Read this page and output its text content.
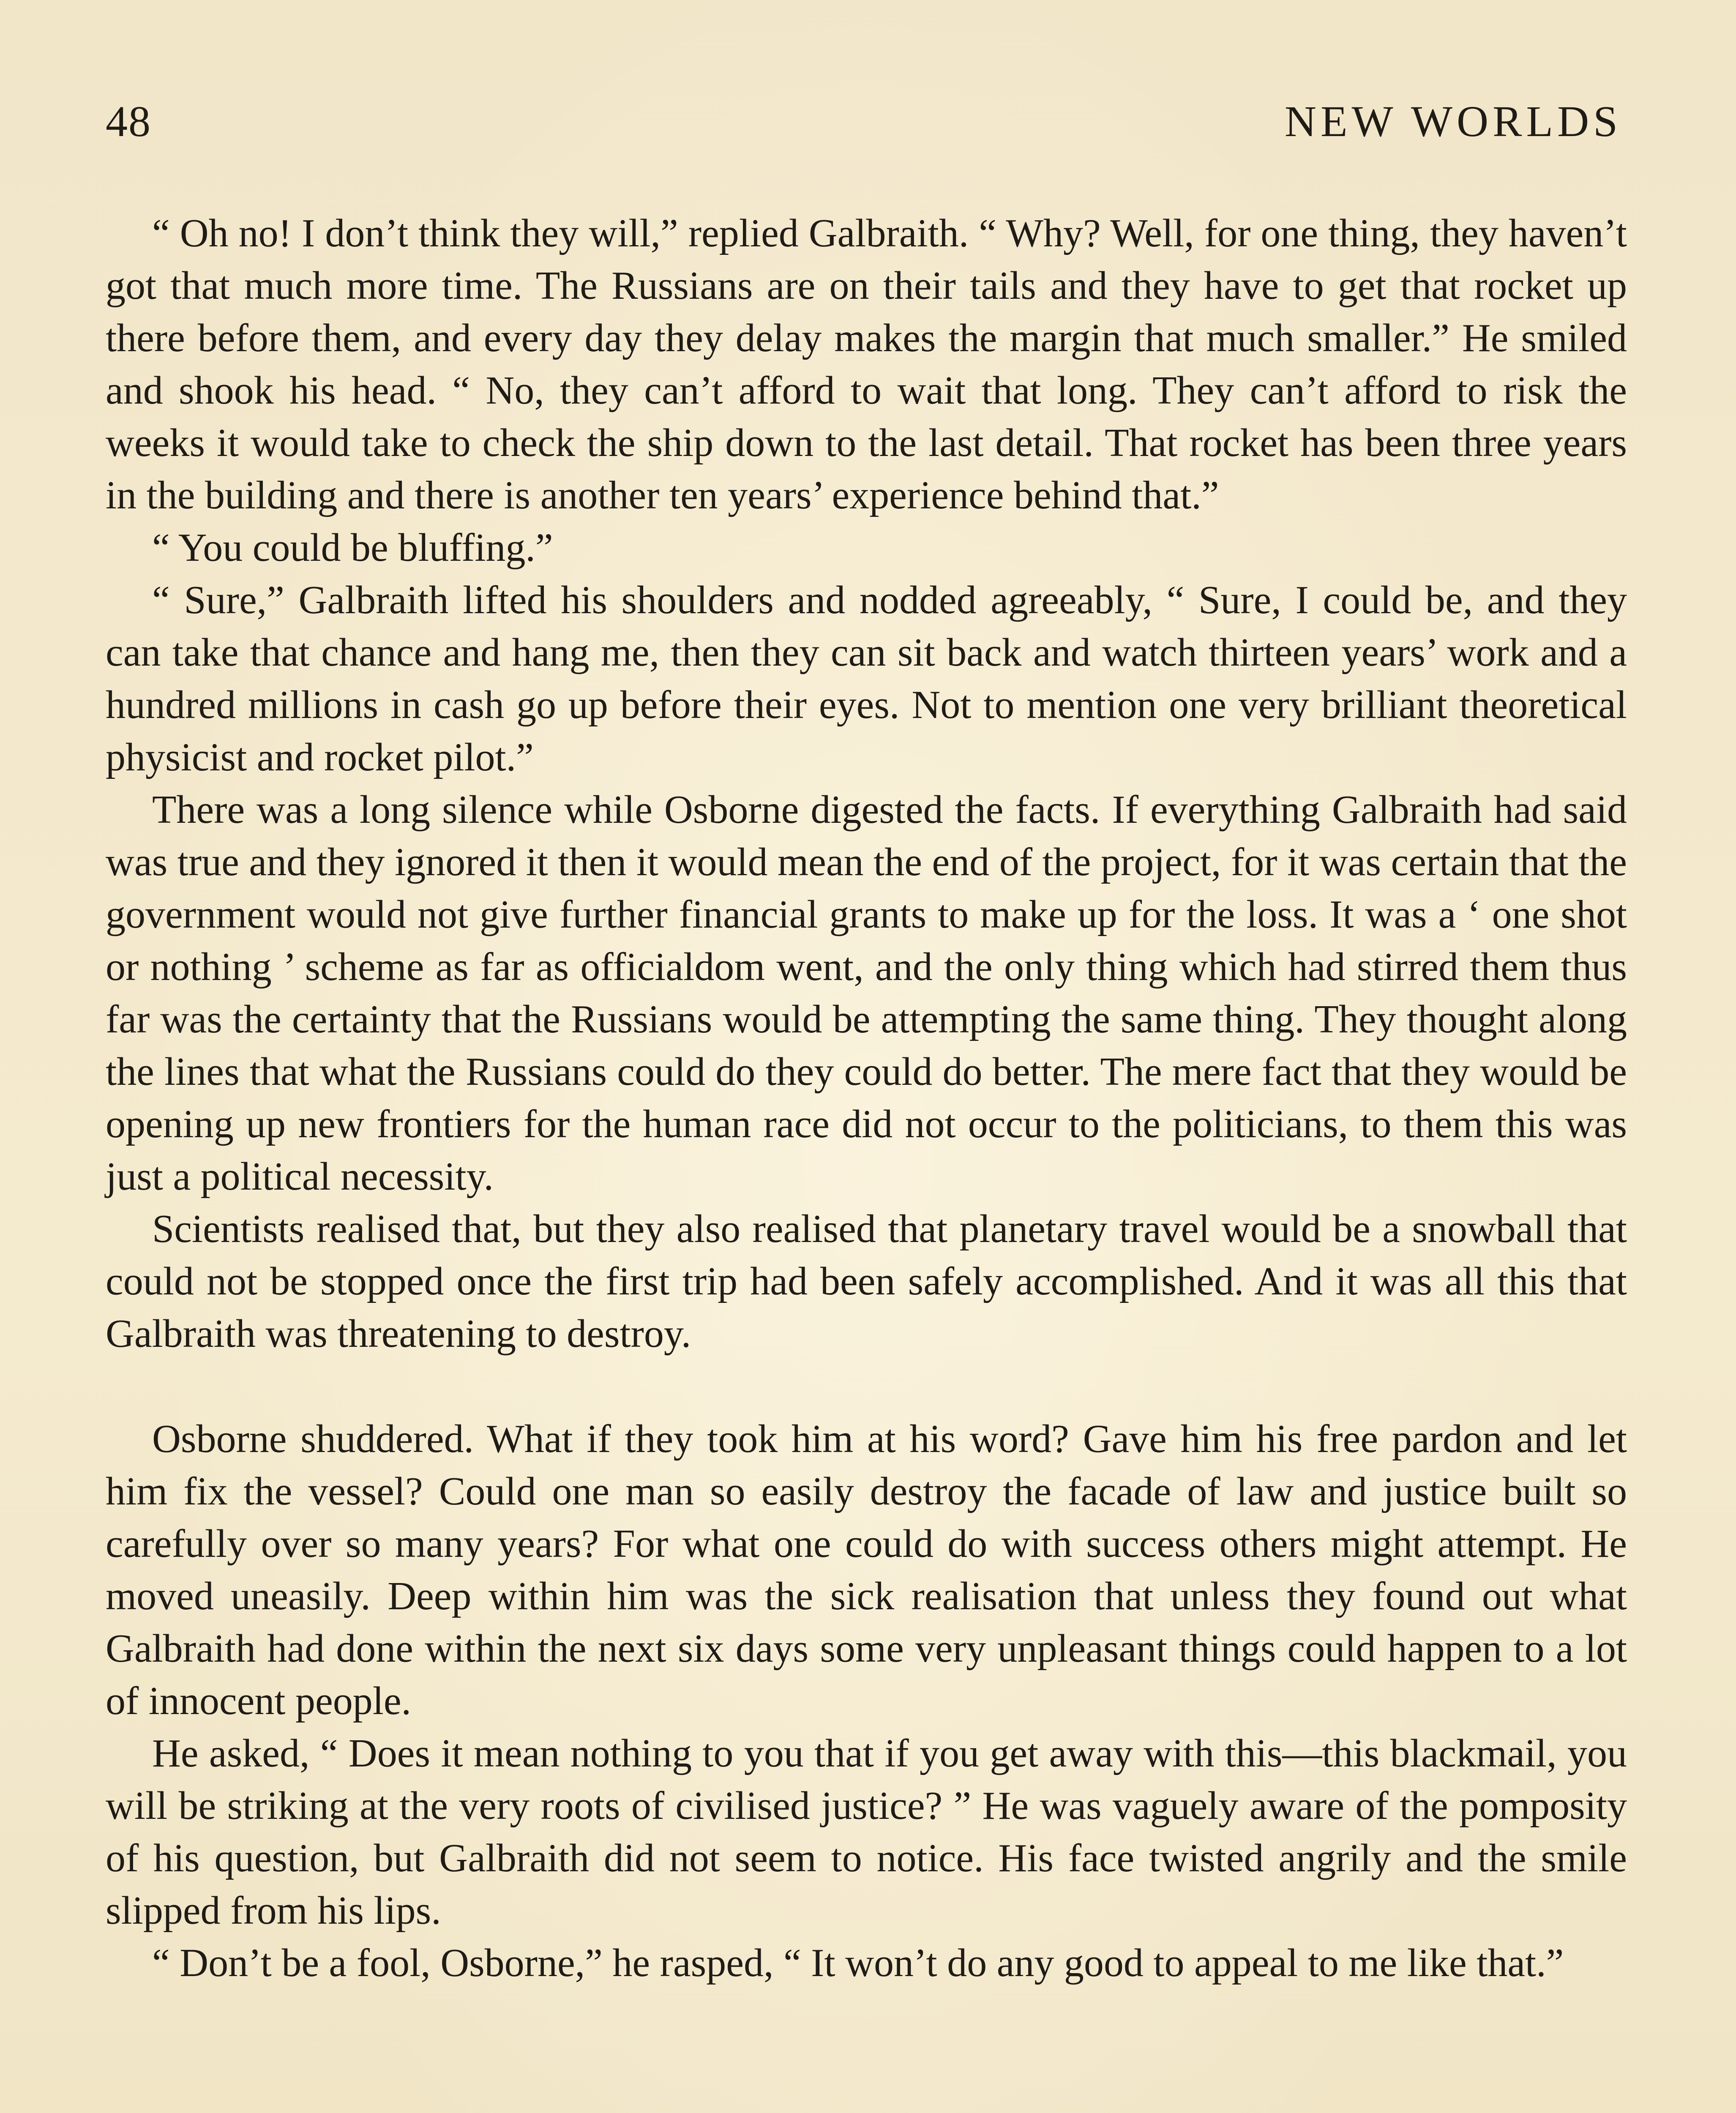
48	NEW WORLDS

“ Oh no! I don’t think they will,” replied Galbraith. “ Why? Well, for one thing, they haven’t got that much more time. The Russians are on their tails and they have to get that rocket up there before them, and every day they delay makes the margin that much smaller.” He smiled and shook his head. “ No, they can’t afford to wait that long. They can’t afford to risk the weeks it would take to check the ship down to the last detail. That rocket has been three years in the building and there is another ten years’ experience behind that.”

“ You could be bluffing.”

“ Sure,” Galbraith lifted his shoulders and nodded agreeably, “ Sure, I could be, and they can take that chance and hang me, then they can sit back and watch thirteen years’ work and a hundred millions in cash go up before their eyes. Not to mention one very brilliant theoretical physicist and rocket pilot.”

There was a long silence while Osborne digested the facts. If everything Galbraith had said was true and they ignored it then it would mean the end of the project, for it was certain that the government would not give further financial grants to make up for the loss. It was a ‘ one shot or nothing ’ scheme as far as officialdom went, and the only thing which had stirred them thus far was the certainty that the Russians would be attempting the same thing. They thought along the lines that what the Russians could do they could do better. The mere fact that they would be opening up new frontiers for the human race did not occur to the politicians, to them this was just a political necessity.

Scientists realised that, but they also realised that planetary travel would be a snowball that could not be stopped once the first trip had been safely accomplished. And it was all this that Galbraith was threatening to destroy.

Osborne shuddered. What if they took him at his word? Gave him his free pardon and let him fix the vessel? Could one man so easily destroy the facade of law and justice built so carefully over so many years? For what one could do with success others might attempt. He moved uneasily. Deep within him was the sick realisation that unless they found out what Galbraith had done within the next six days some very unpleasant things could happen to a lot of innocent people.

He asked, “ Does it mean nothing to you that if you get away with this—this blackmail, you will be striking at the very roots of civilised justice? ” He was vaguely aware of the pomposity of his question, but Galbraith did not seem to notice. His face twisted angrily and the smile slipped from his lips.

“ Don’t be a fool, Osborne,” he rasped, “ It won’t do any good to appeal to me like that.”
